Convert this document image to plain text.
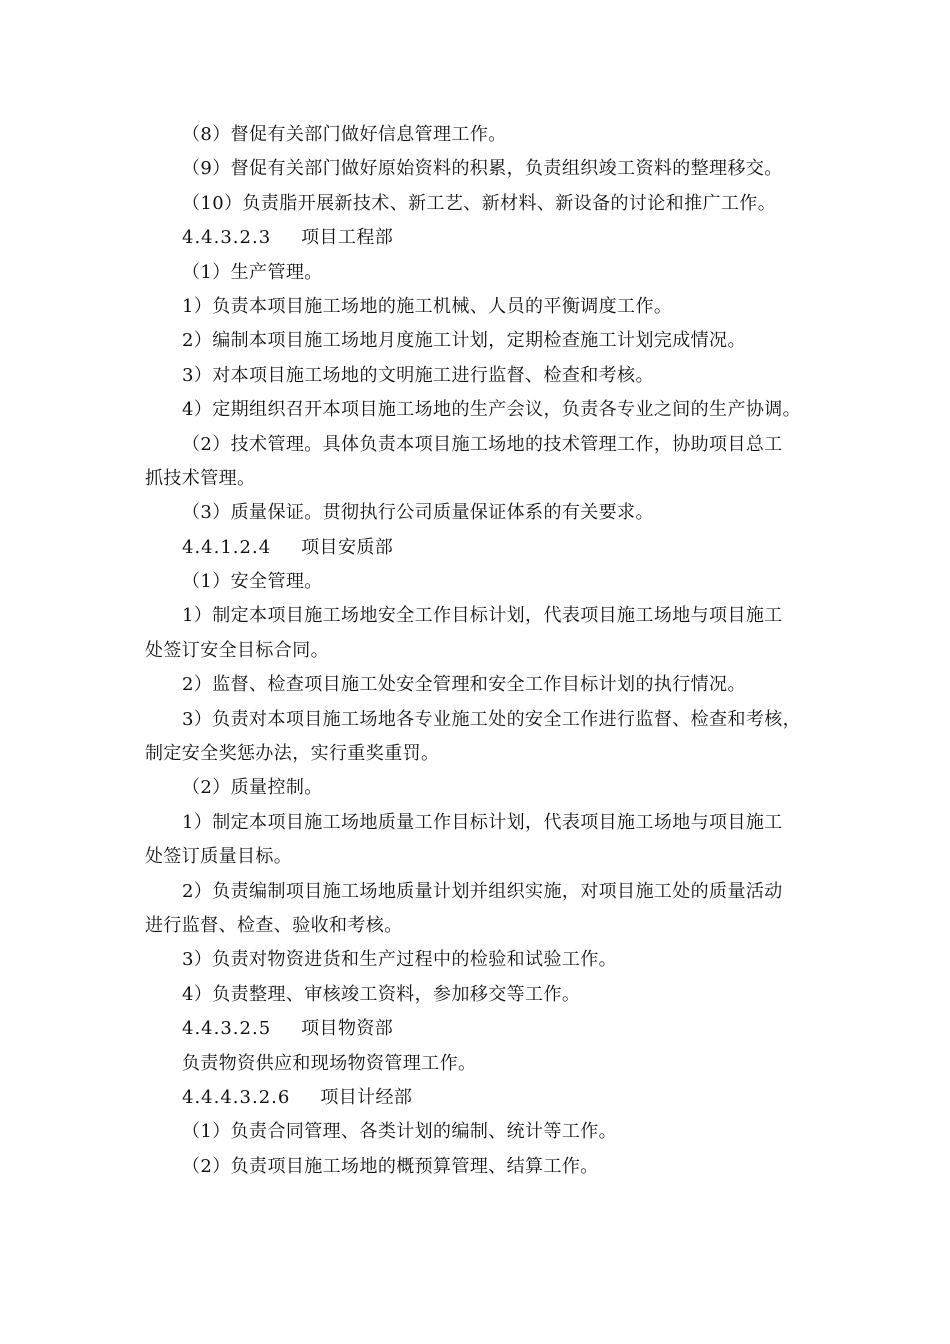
（8）督促有关部门做好信息管理工作。
（9）督促有关部门做好原始资料的积累，负责组织竣工资料的整理移交。
（10）负责脂开展新技术、新工艺、新材料、新设备的讨论和推广工作。
4.4.3.2.3 项目工程部
（1）生产管理。
1）负责本项目施工场地的施工机械、人员的平衡调度工作。
2）编制本项目施工场地月度施工计划，定期检查施工计划完成情况。
3）对本项目施工场地的文明施工进行监督、检查和考核。
4）定期组织召开本项目施工场地的生产会议，负责各专业之间的生产协调。
（2）技术管理。具体负责本项目施工场地的技术管理工作，协助项目总工
抓技术管理。
（3）质量保证。贯彻执行公司质量保证体系的有关要求。
4.4.1.2.4 项目安质部
（1）安全管理。
1）制定本项目施工场地安全工作目标计划，代表项目施工场地与项目施工
处签订安全目标合同。
2）监督、检查项目施工处安全管理和安全工作目标计划的执行情况。
3）负责对本项目施工场地各专业施工处的安全工作进行监督、检查和考核，
制定安全奖惩办法，实行重奖重罚。
（2）质量控制。
1）制定本项目施工场地质量工作目标计划，代表项目施工场地与项目施工
处签订质量目标。
2）负责编制项目施工场地质量计划并组织实施，对项目施工处的质量活动
进行监督、检查、验收和考核。
3）负责对物资进货和生产过程中的检验和试验工作。
4）负责整理、审核竣工资料，参加移交等工作。
4.4.3.2.5 项目物资部
负责物资供应和现场物资管理工作。
4.4.4.3.2.6 项目计经部
（1）负责合同管理、各类计划的编制、统计等工作。
（2）负责项目施工场地的概预算管理、结算工作。
